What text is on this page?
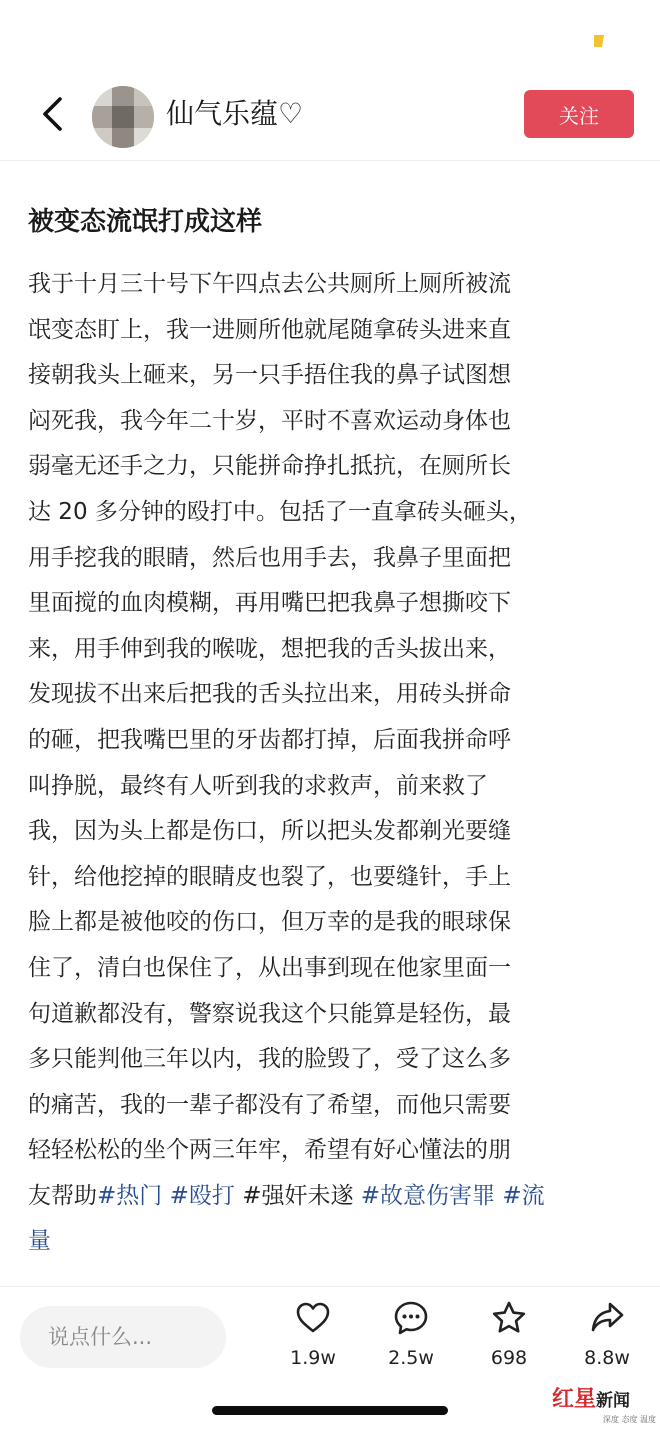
仙气乐蕴♡	关注
被变态流氓打成这样
我于十月三十号下午四点去公共厕所上厕所被流
氓变态盯上，我一进厕所他就尾随拿砖头进来直
接朝我头上砸来，另一只手捂住我的鼻子试图想
闷死我，我今年二十岁，平时不喜欢运动身体也
弱毫无还手之力，只能拼命挣扎抵抗，在厕所长
达 20 多分钟的殴打中。包括了一直拿砖头砸头，
用手挖我的眼睛，然后也用手去，我鼻子里面把
里面搅的血肉模糊，再用嘴巴把我鼻子想撕咬下
来，用手伸到我的喉咙，想把我的舌头拔出来，
发现拔不出来后把我的舌头拉出来，用砖头拼命
的砸，把我嘴巴里的牙齿都打掉，后面我拼命呼
叫挣脱，最终有人听到我的求救声，前来救了
我，因为头上都是伤口，所以把头发都剃光要缝
针，给他挖掉的眼睛皮也裂了，也要缝针，手上
脸上都是被他咬的伤口，但万幸的是我的眼球保
住了，清白也保住了，从出事到现在他家里面一
句道歉都没有，警察说我这个只能算是轻伤，最
多只能判他三年以内，我的脸毁了，受了这么多
的痛苦，我的一辈子都没有了希望，而他只需要
轻轻松松的坐个两三年牢，希望有好心懂法的朋
友帮助#热门 #殴打 #强奸未遂 #故意伤害罪 #流
量
说点什么...
1.9w	2.5w	698	8.8w
红星新闻
深度 态度 温度
